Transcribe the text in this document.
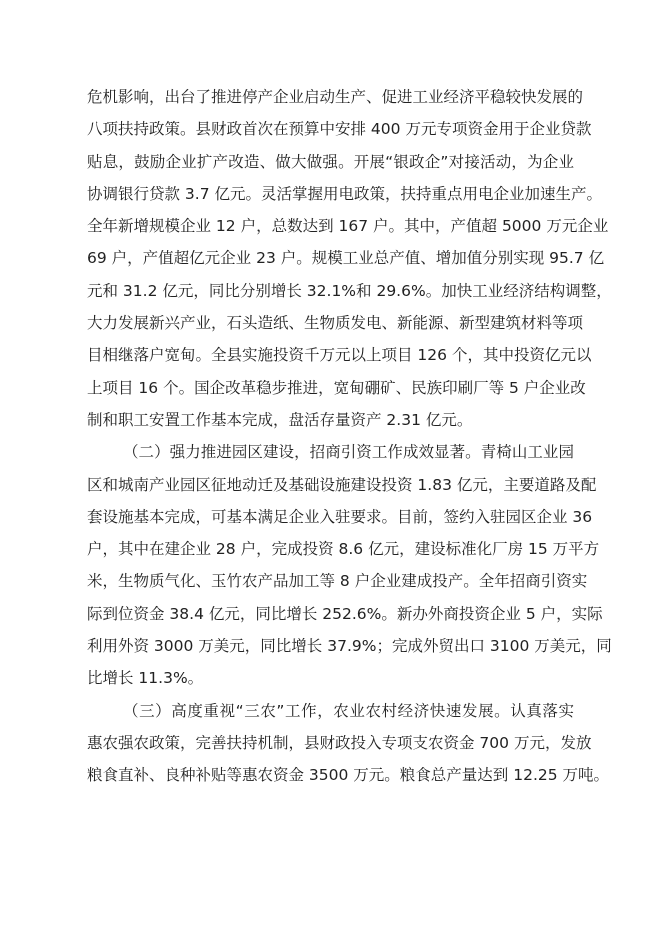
危机影响，出台了推进停产企业启动生产、促进工业经济平稳较快发展的
八项扶持政策。县财政首次在预算中安排 400 万元专项资金用于企业贷款
贴息，鼓励企业扩产改造、做大做强。开展“银政企”对接活动，为企业
协调银行贷款 3.7 亿元。灵活掌握用电政策，扶持重点用电企业加速生产。
全年新增规模企业 12 户，总数达到 167 户。其中，产值超 5000 万元企业
69 户，产值超亿元企业 23 户。规模工业总产值、增加值分别实现 95.7 亿
元和 31.2 亿元，同比分别增长 32.1%和 29.6%。加快工业经济结构调整，
大力发展新兴产业，石头造纸、生物质发电、新能源、新型建筑材料等项
目相继落户宽甸。全县实施投资千万元以上项目 126 个，其中投资亿元以
上项目 16 个。国企改革稳步推进，宽甸硼矿、民族印刷厂等 5 户企业改
制和职工安置工作基本完成，盘活存量资产 2.31 亿元。
（二）强力推进园区建设，招商引资工作成效显著。青椅山工业园
区和城南产业园区征地动迁及基础设施建设投资 1.83 亿元，主要道路及配
套设施基本完成，可基本满足企业入驻要求。目前，签约入驻园区企业 36
户，其中在建企业 28 户，完成投资 8.6 亿元，建设标准化厂房 15 万平方
米，生物质气化、玉竹农产品加工等 8 户企业建成投产。全年招商引资实
际到位资金 38.4 亿元，同比增长 252.6%。新办外商投资企业 5 户，实际
利用外资 3000 万美元，同比增长 37.9%；完成外贸出口 3100 万美元，同
比增长 11.3%。
（三）高度重视“三农”工作，农业农村经济快速发展。认真落实
惠农强农政策，完善扶持机制，县财政投入专项支农资金 700 万元，发放
粮食直补、良种补贴等惠农资金 3500 万元。粮食总产量达到 12.25 万吨。
